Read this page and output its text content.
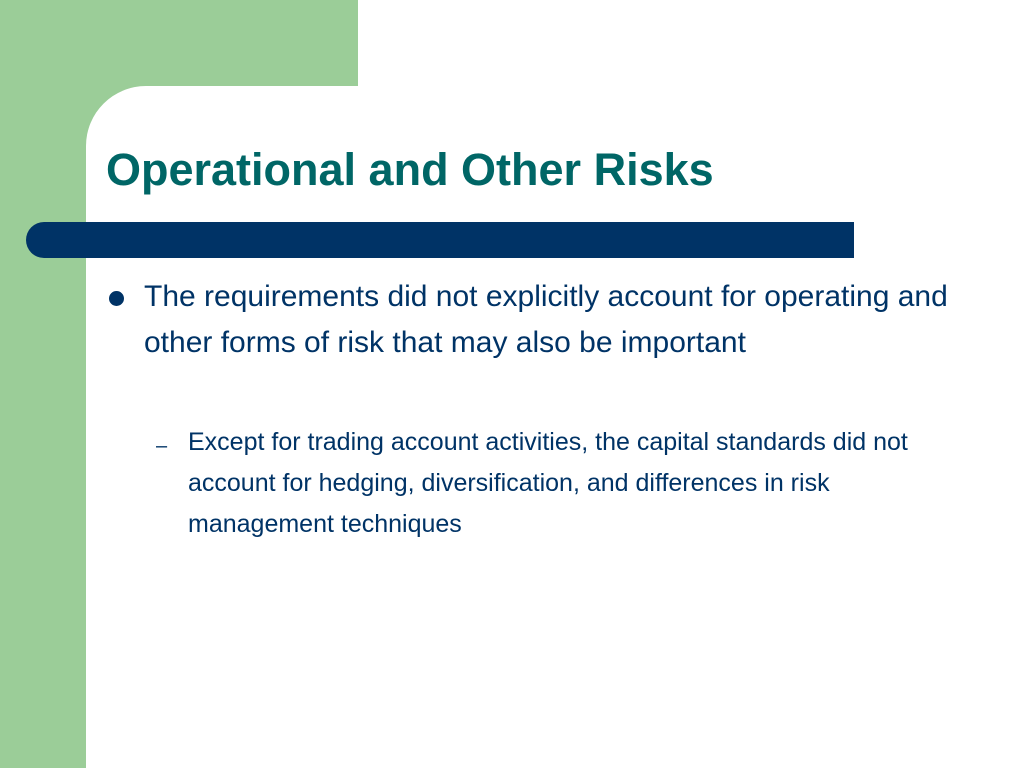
Operational and Other Risks
The requirements did not explicitly account for operating and other forms of risk that may also be important
– Except for trading account activities, the capital standards did not account for hedging, diversification, and differences in risk management techniques
